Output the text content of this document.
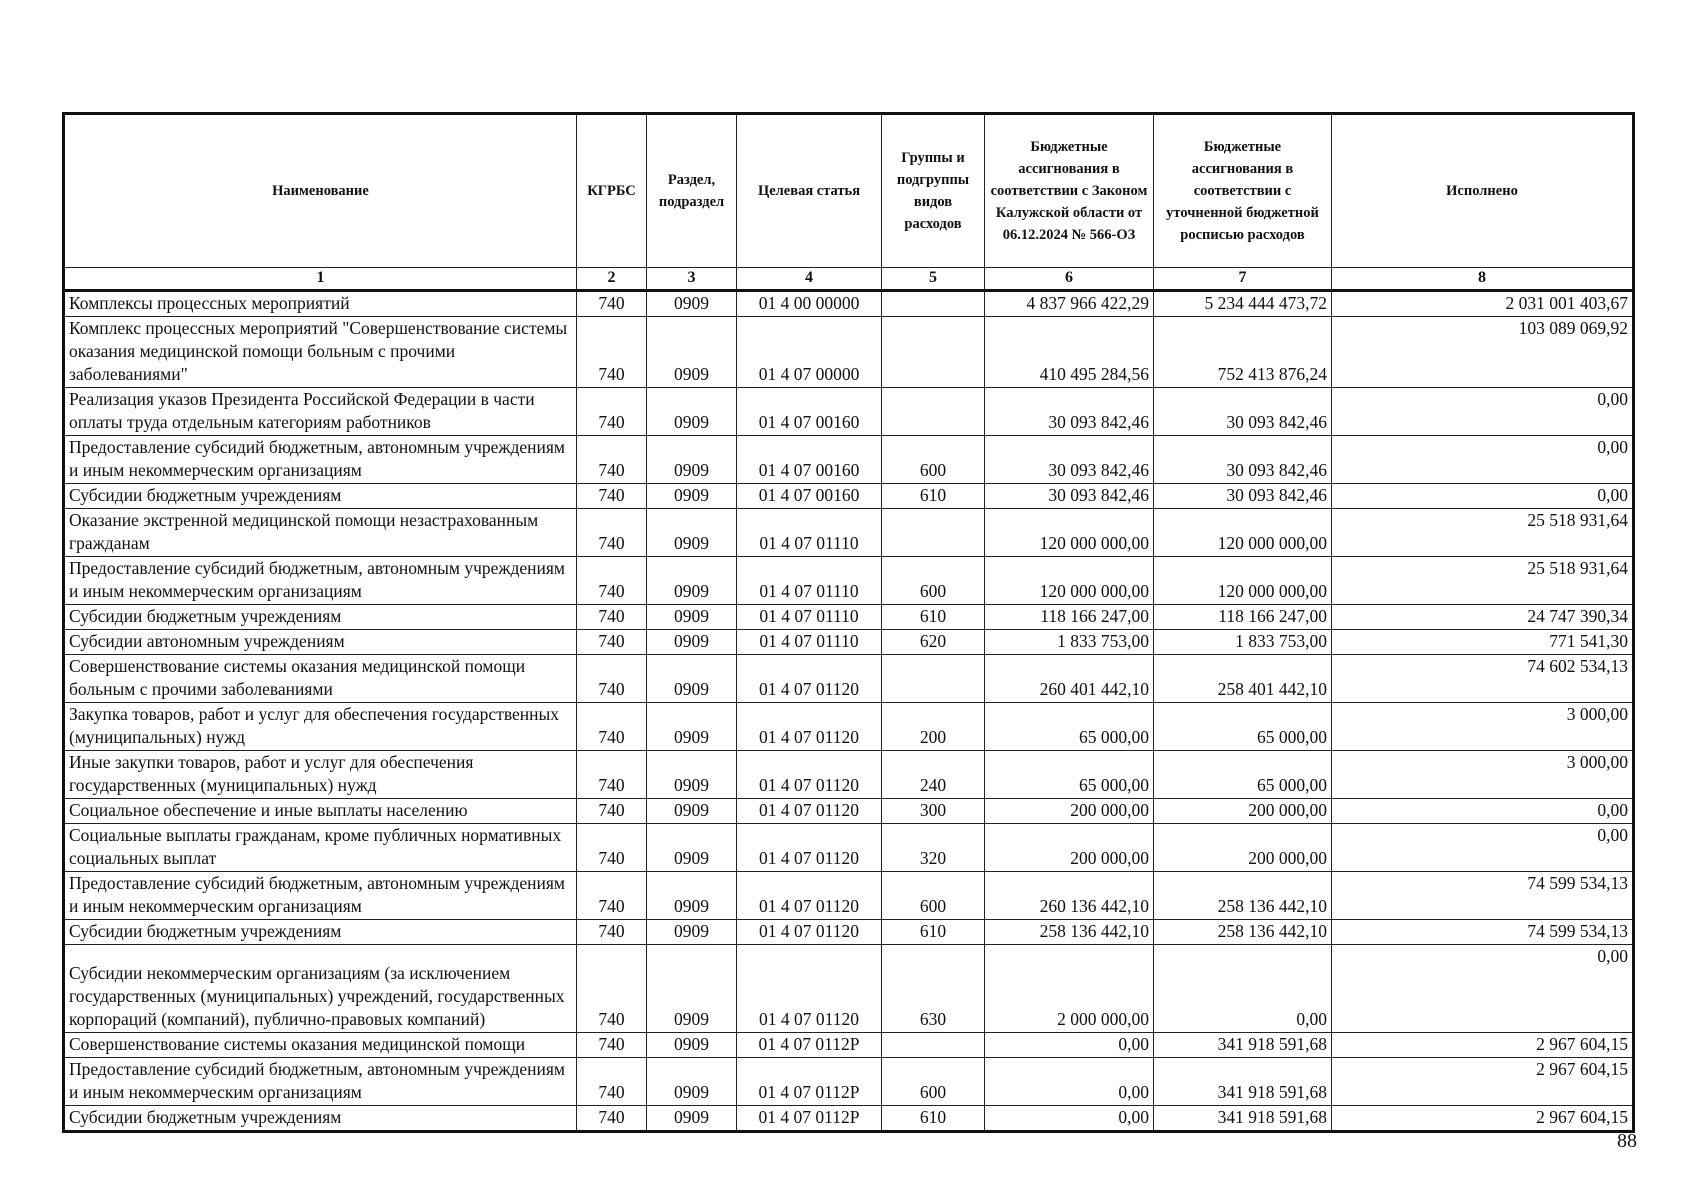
Наименование	КГРБС	Раздел, подраздел	Целевая статья	Группы и подгруппы видов расходов	Бюджетные ассигнования в соответствии с Законом Калужской области от 06.12.2024 № 566-ОЗ	Бюджетные ассигнования в соответствии с уточненной бюджетной росписью расходов	Исполнено
1	2	3	4	5	6	7	8
Комплексы процессных мероприятий	740	0909	01 4 00 00000		4 837 966 422,29	5 234 444 473,72	2 031 001 403,67
Комплекс процессных мероприятий "Совершенствование системы оказания медицинской помощи больным с прочими заболеваниями"	740	0909	01 4 07 00000		410 495 284,56	752 413 876,24	103 089 069,92
Реализация указов Президента Российской Федерации в части оплаты труда отдельным категориям работников	740	0909	01 4 07 00160		30 093 842,46	30 093 842,46	0,00
Предоставление субсидий бюджетным, автономным учреждениям и иным некоммерческим организациям	740	0909	01 4 07 00160	600	30 093 842,46	30 093 842,46	0,00
Субсидии бюджетным учреждениям	740	0909	01 4 07 00160	610	30 093 842,46	30 093 842,46	0,00
Оказание экстренной медицинской помощи незастрахованным гражданам	740	0909	01 4 07 01110		120 000 000,00	120 000 000,00	25 518 931,64
Предоставление субсидий бюджетным, автономным учреждениям и иным некоммерческим организациям	740	0909	01 4 07 01110	600	120 000 000,00	120 000 000,00	25 518 931,64
Субсидии бюджетным учреждениям	740	0909	01 4 07 01110	610	118 166 247,00	118 166 247,00	24 747 390,34
Субсидии автономным учреждениям	740	0909	01 4 07 01110	620	1 833 753,00	1 833 753,00	771 541,30
Совершенствование системы оказания медицинской помощи больным с прочими заболеваниями	740	0909	01 4 07 01120		260 401 442,10	258 401 442,10	74 602 534,13
Закупка товаров, работ и услуг для обеспечения государственных (муниципальных) нужд	740	0909	01 4 07 01120	200	65 000,00	65 000,00	3 000,00
Иные закупки товаров, работ и услуг для обеспечения государственных (муниципальных) нужд	740	0909	01 4 07 01120	240	65 000,00	65 000,00	3 000,00
Социальное обеспечение и иные выплаты населению	740	0909	01 4 07 01120	300	200 000,00	200 000,00	0,00
Социальные выплаты гражданам, кроме публичных нормативных социальных выплат	740	0909	01 4 07 01120	320	200 000,00	200 000,00	0,00
Предоставление субсидий бюджетным, автономным учреждениям и иным некоммерческим организациям	740	0909	01 4 07 01120	600	260 136 442,10	258 136 442,10	74 599 534,13
Субсидии бюджетным учреждениям	740	0909	01 4 07 01120	610	258 136 442,10	258 136 442,10	74 599 534,13
Субсидии некоммерческим организациям (за исключением государственных (муниципальных) учреждений, государственных корпораций (компаний), публично-правовых компаний)	740	0909	01 4 07 01120	630	2 000 000,00	0,00	0,00
Совершенствование системы оказания медицинской помощи	740	0909	01 4 07 0112Р		0,00	341 918 591,68	2 967 604,15
Предоставление субсидий бюджетным, автономным учреждениям и иным некоммерческим организациям	740	0909	01 4 07 0112Р	600	0,00	341 918 591,68	2 967 604,15
Субсидии бюджетным учреждениям	740	0909	01 4 07 0112Р	610	0,00	341 918 591,68	2 967 604,15
88
